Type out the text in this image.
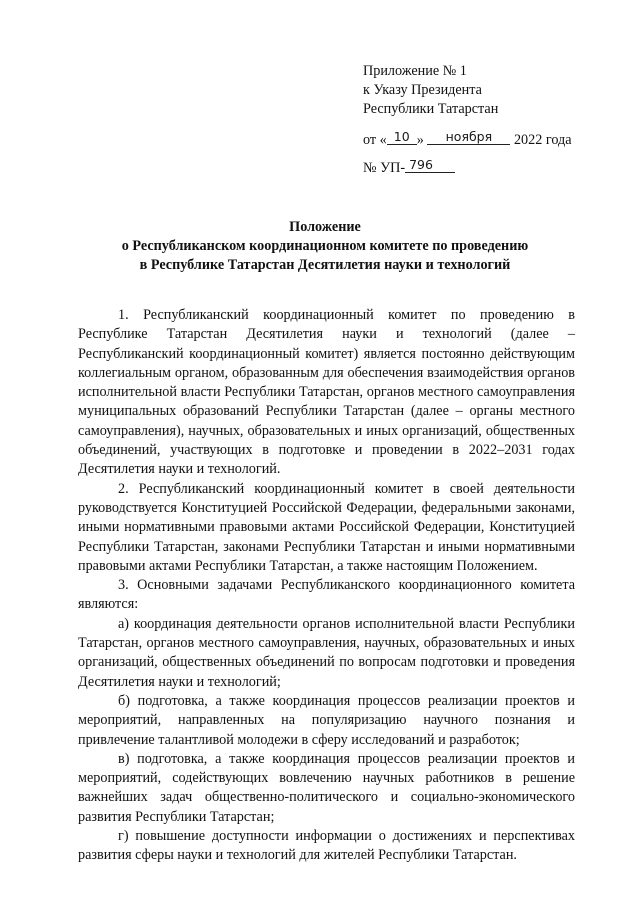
Приложение № 1
к Указу Президента
Республики Татарстан
от « 10 » ноября 2022 года
№ УП- 796
Положение
о Республиканском координационном комитете по проведению
в Республике Татарстан Десятилетия науки и технологий

1. Республиканский координационный комитет по проведению в Республике Татарстан Десятилетия науки и технологий (далее – Республиканский координационный комитет) является постоянно действующим коллегиальным органом, образованным для обеспечения взаимодействия органов исполнительной власти Республики Татарстан, органов местного самоуправления муниципальных образований Республики Татарстан (далее – органы местного самоуправления), научных, образовательных и иных организаций, общественных объединений, участвующих в подготовке и проведении в 2022–2031 годах Десятилетия науки и технологий.

2. Республиканский координационный комитет в своей деятельности руководствуется Конституцией Российской Федерации, федеральными законами, иными нормативными правовыми актами Российской Федерации, Конституцией Республики Татарстан, законами Республики Татарстан и иными нормативными правовыми актами Республики Татарстан, а также настоящим Положением.

3. Основными задачами Республиканского координационного комитета являются:

а) координация деятельности органов исполнительной власти Республики Татарстан, органов местного самоуправления, научных, образовательных и иных организаций, общественных объединений по вопросам подготовки и проведения Десятилетия науки и технологий;

б) подготовка, а также координация процессов реализации проектов и мероприятий, направленных на популяризацию научного познания и привлечение талантливой молодежи в сферу исследований и разработок;

в) подготовка, а также координация процессов реализации проектов и мероприятий, содействующих вовлечению научных работников в решение важнейших задач общественно-политического и социально-экономического развития Республики Татарстан;

г) повышение доступности информации о достижениях и перспективах развития сферы науки и технологий для жителей Республики Татарстан.
